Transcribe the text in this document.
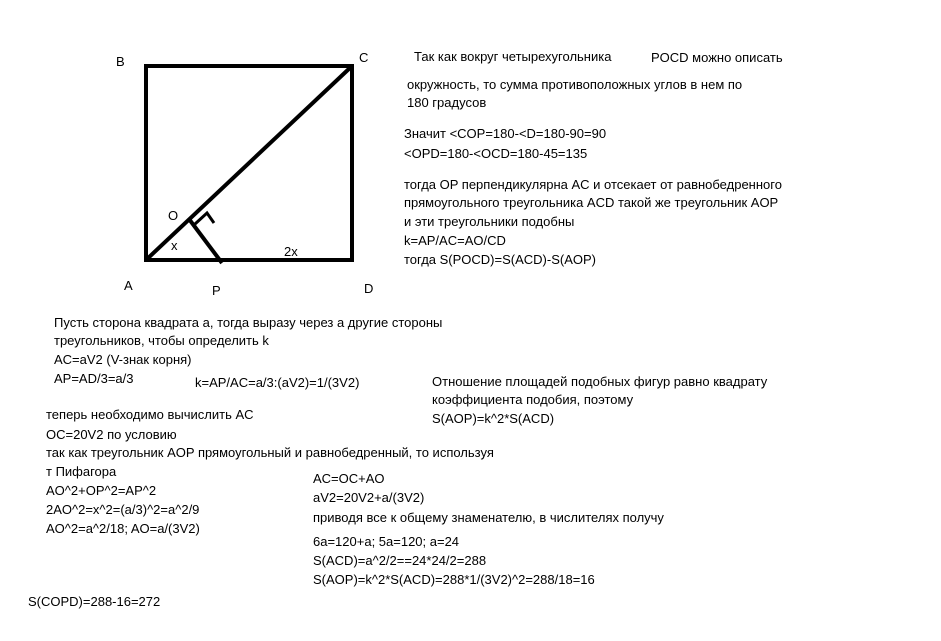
B	C
O
x	2x
A	P	D
Так как вокруг четырехугольника	POCD можно описать
окружность, то сумма противоположных углов в нем по
180 градусов
Значит <COP=180-<D=180-90=90
<OPD=180-<OCD=180-45=135
тогда OP перпендикулярна AC и отсекает от равнобедренного
прямоугольного треугольника ACD такой же треугольник AOP
и эти треугольники подобны
k=AP/AC=AO/CD
тогда S(POCD)=S(ACD)-S(AOP)
Пусть сторона квадрата a, тогда выразу через a другие стороны
треугольников, чтобы определить k
AC=aV2 (V-знак корня)
AP=AD/3=a/3	k=AP/AC=a/3:(aV2)=1/(3V2)	Отношение площадей подобных фигур равно квадрату
коэффициента подобия, поэтому
S(AOP)=k^2*S(ACD)
теперь необходимо вычислить AC
OC=20V2 по условию
так как треугольник AOP прямоугольный и равнобедренный, то используя
т Пифагора
AO^2+OP^2=AP^2
2AO^2=x^2=(a/3)^2=a^2/9
AO^2=a^2/18; AO=a/(3V2)
AC=OC+AO
aV2=20V2+a/(3V2)
приводя все к общему знаменателю, в числителях получу
6a=120+a; 5a=120; a=24
S(ACD)=a^2/2==24*24/2=288
S(AOP)=k^2*S(ACD)=288*1/(3V2)^2=288/18=16
S(COPD)=288-16=272
